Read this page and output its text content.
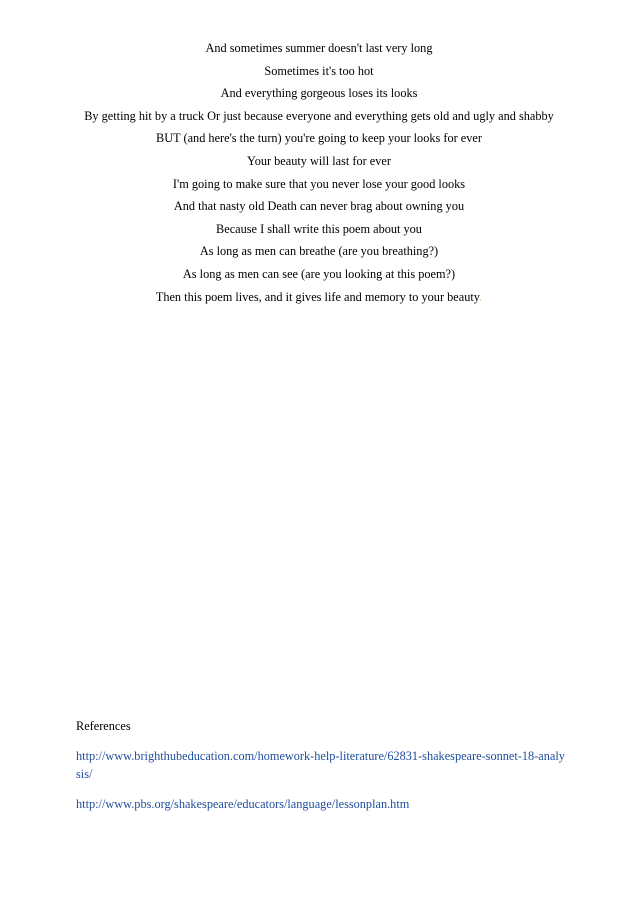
And sometimes summer doesn't last very long
Sometimes it's too hot
And everything gorgeous loses its looks
By getting hit by a truck Or just because everyone and everything gets old and ugly and shabby
BUT (and here's the turn) you're going to keep your looks for ever
Your beauty will last for ever
I'm going to make sure that you never lose your good looks
And that nasty old Death can never brag about owning you
Because I shall write this poem about you
As long as men can breathe (are you breathing?)
As long as men can see (are you looking at this poem?)
Then this poem lives, and it gives life and memory to your beauty.

References

http://www.brighthubeducation.com/homework-help-literature/62831-shakespeare-sonnet-18-analysis/
http://www.pbs.org/shakespeare/educators/language/lessonplan.htm
